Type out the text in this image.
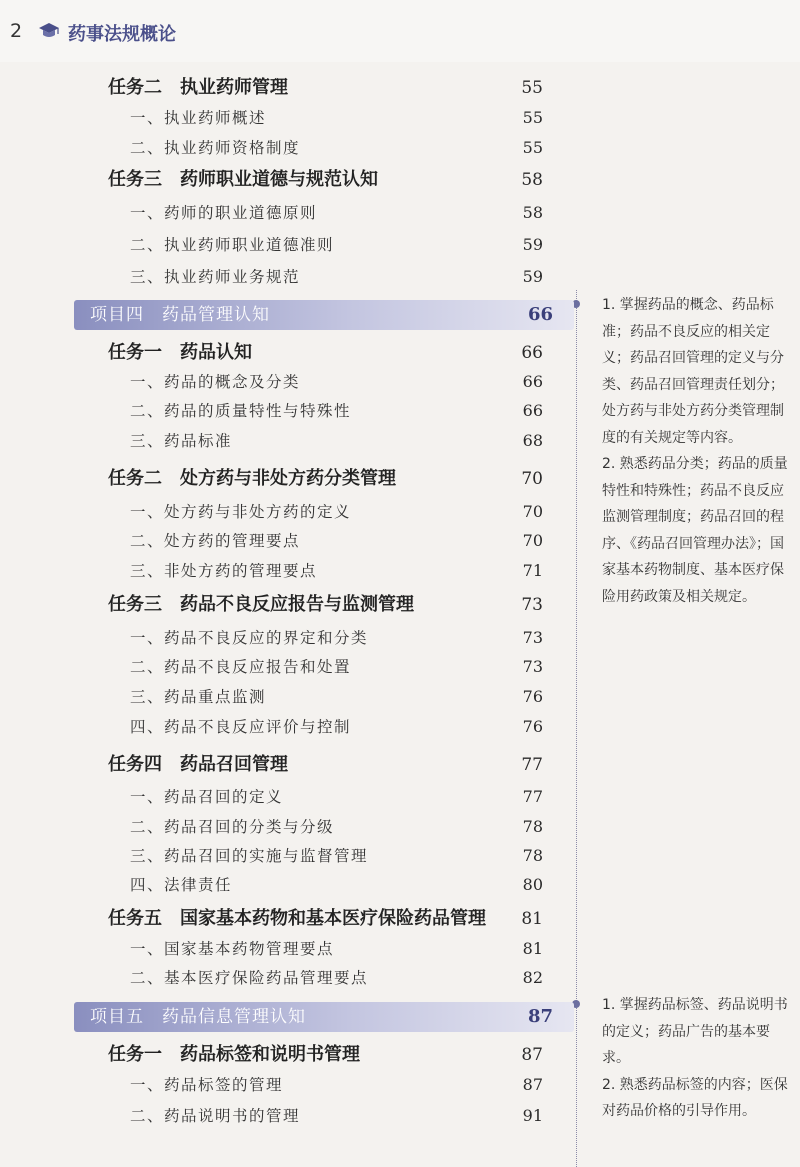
2	药事法规概论
1. 掌握药品的概念、药品标准；药品不良反应的相关定义；药品召回管理的定义与分类、药品召回管理责任划分；处方药与非处方药分类管理制度的有关规定等内容。
2. 熟悉药品分类；药品的质量特性和特殊性；药品不良反应监测管理制度；药品召回的程序、《药品召回管理办法》；国家基本药物制度、基本医疗保险用药政策及相关规定。
1. 掌握药品标签、药品说明书的定义；药品广告的基本要求。
2. 熟悉药品标签的内容；医保对药品价格的引导作用。
任务二　执业药师管理	55
一、执业药师概述	55
二、执业药师资格制度	55
任务三　药师职业道德与规范认知	58
一、药师的职业道德原则	58
二、执业药师职业道德准则	59
三、执业药师业务规范	59
项目四　药品管理认知	66
任务一　药品认知	66
一、药品的概念及分类	66
二、药品的质量特性与特殊性	66
三、药品标准	68
任务二　处方药与非处方药分类管理	70
一、处方药与非处方药的定义	70
二、处方药的管理要点	70
三、非处方药的管理要点	71
任务三　药品不良反应报告与监测管理	73
一、药品不良反应的界定和分类	73
二、药品不良反应报告和处置	73
三、药品重点监测	76
四、药品不良反应评价与控制	76
任务四　药品召回管理	77
一、药品召回的定义	77
二、药品召回的分类与分级	78
三、药品召回的实施与监督管理	78
四、法律责任	80
任务五　国家基本药物和基本医疗保险药品管理	81
一、国家基本药物管理要点	81
二、基本医疗保险药品管理要点	82
项目五　药品信息管理认知	87
任务一　药品标签和说明书管理	87
一、药品标签的管理	87
二、药品说明书的管理	91
